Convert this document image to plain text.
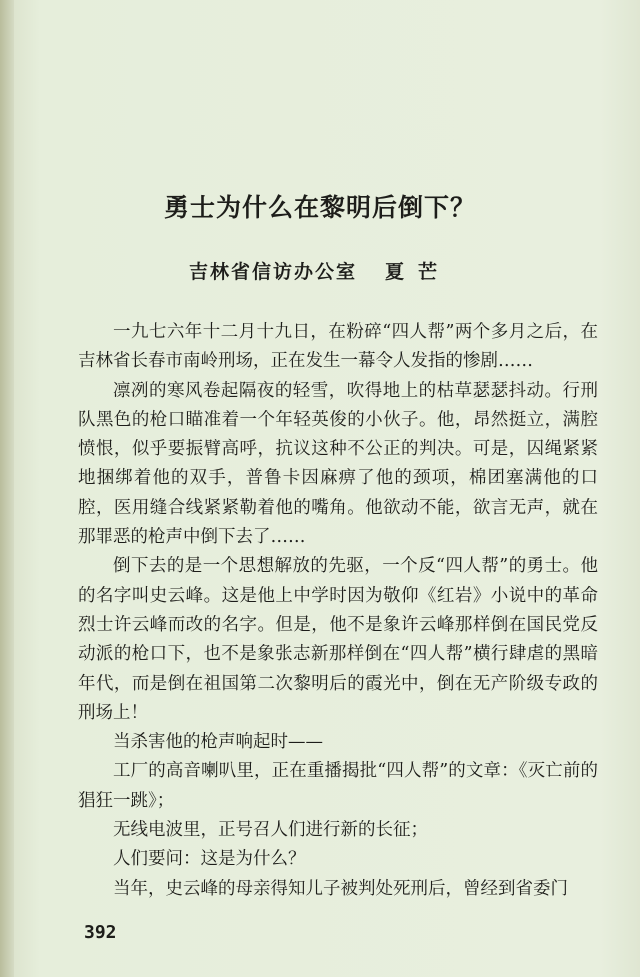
勇士为什么在黎明后倒下？
吉林省信访办公室 夏芒

一九七六年十二月十九日，在粉碎“四人帮”两个多月之后，在吉林省长春市南岭刑场，正在发生一幕令人发指的惨剧……

凛冽的寒风卷起隔夜的轻雪，吹得地上的枯草瑟瑟抖动。行刑队黑色的枪口瞄准着一个年轻英俊的小伙子。他，昂然挺立，满腔愤恨，似乎要振臂高呼，抗议这种不公正的判决。可是，囚绳紧紧地捆绑着他的双手，普鲁卡因麻痹了他的颈项，棉团塞满他的口腔，医用缝合线紧紧勒着他的嘴角。他欲动不能，欲言无声，就在那罪恶的枪声中倒下去了……

倒下去的是一个思想解放的先驱，一个反“四人帮”的勇士。他的名字叫史云峰。这是他上中学时因为敬仰《红岩》小说中的革命烈士许云峰而改的名字。但是，他不是象许云峰那样倒在国民党反动派的枪口下，也不是象张志新那样倒在“四人帮”横行肆虐的黑暗年代，而是倒在祖国第二次黎明后的霞光中，倒在无产阶级专政的刑场上！

当杀害他的枪声响起时——

工厂的高音喇叭里，正在重播揭批“四人帮”的文章：《灭亡前的猖狂一跳》；

无线电波里，正号召人们进行新的长征；

人们要问：这是为什么？

当年，史云峰的母亲得知儿子被判处死刑后，曾经到省委门

392
